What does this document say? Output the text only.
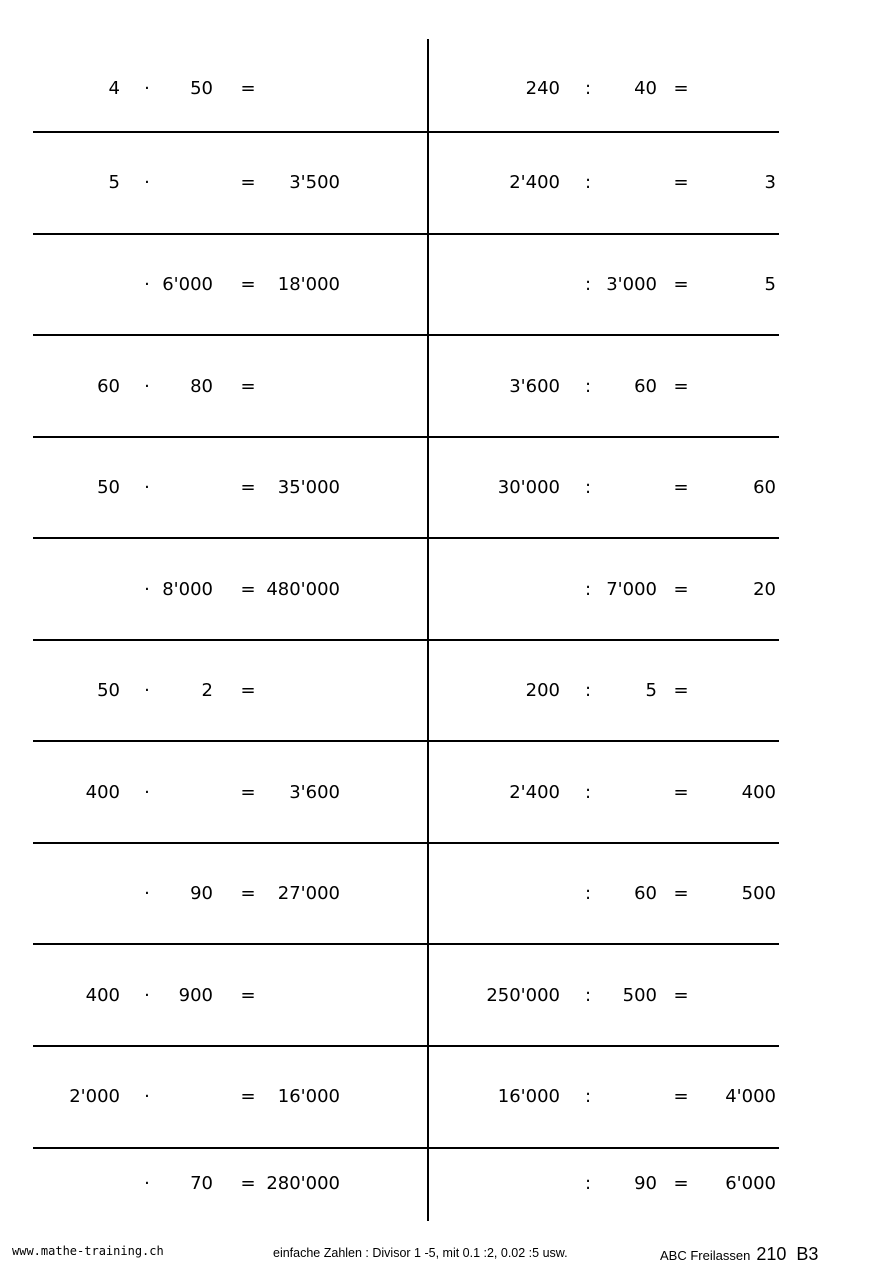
4	·	50 =	240	:	40 =
5	·	=	3'500	2'400	:	=	3
· 6'000 =	18'000	: 3'000 =	5
60	·	80 =	3'600	:	60 =
50	·	=	35'000	30'000	:	=	60
· 8'000 = 480'000	: 7'000 =	20
50	·	2 =	200	:	5 =
400	·	=	3'600	2'400	:	=	400
·	90 =	27'000	:	60 =	500
400	·	900 =	250'000	:	500 =
2'000	·	=	16'000	16'000	:	=	4'000
·	70 = 280'000	:	90 =	6'000
www.mathe-training.ch	einfache Zahlen : Divisor 1 -5, mit 0.1 :2, 0.02 :5 usw.	ABC Freilassen 210 B3
